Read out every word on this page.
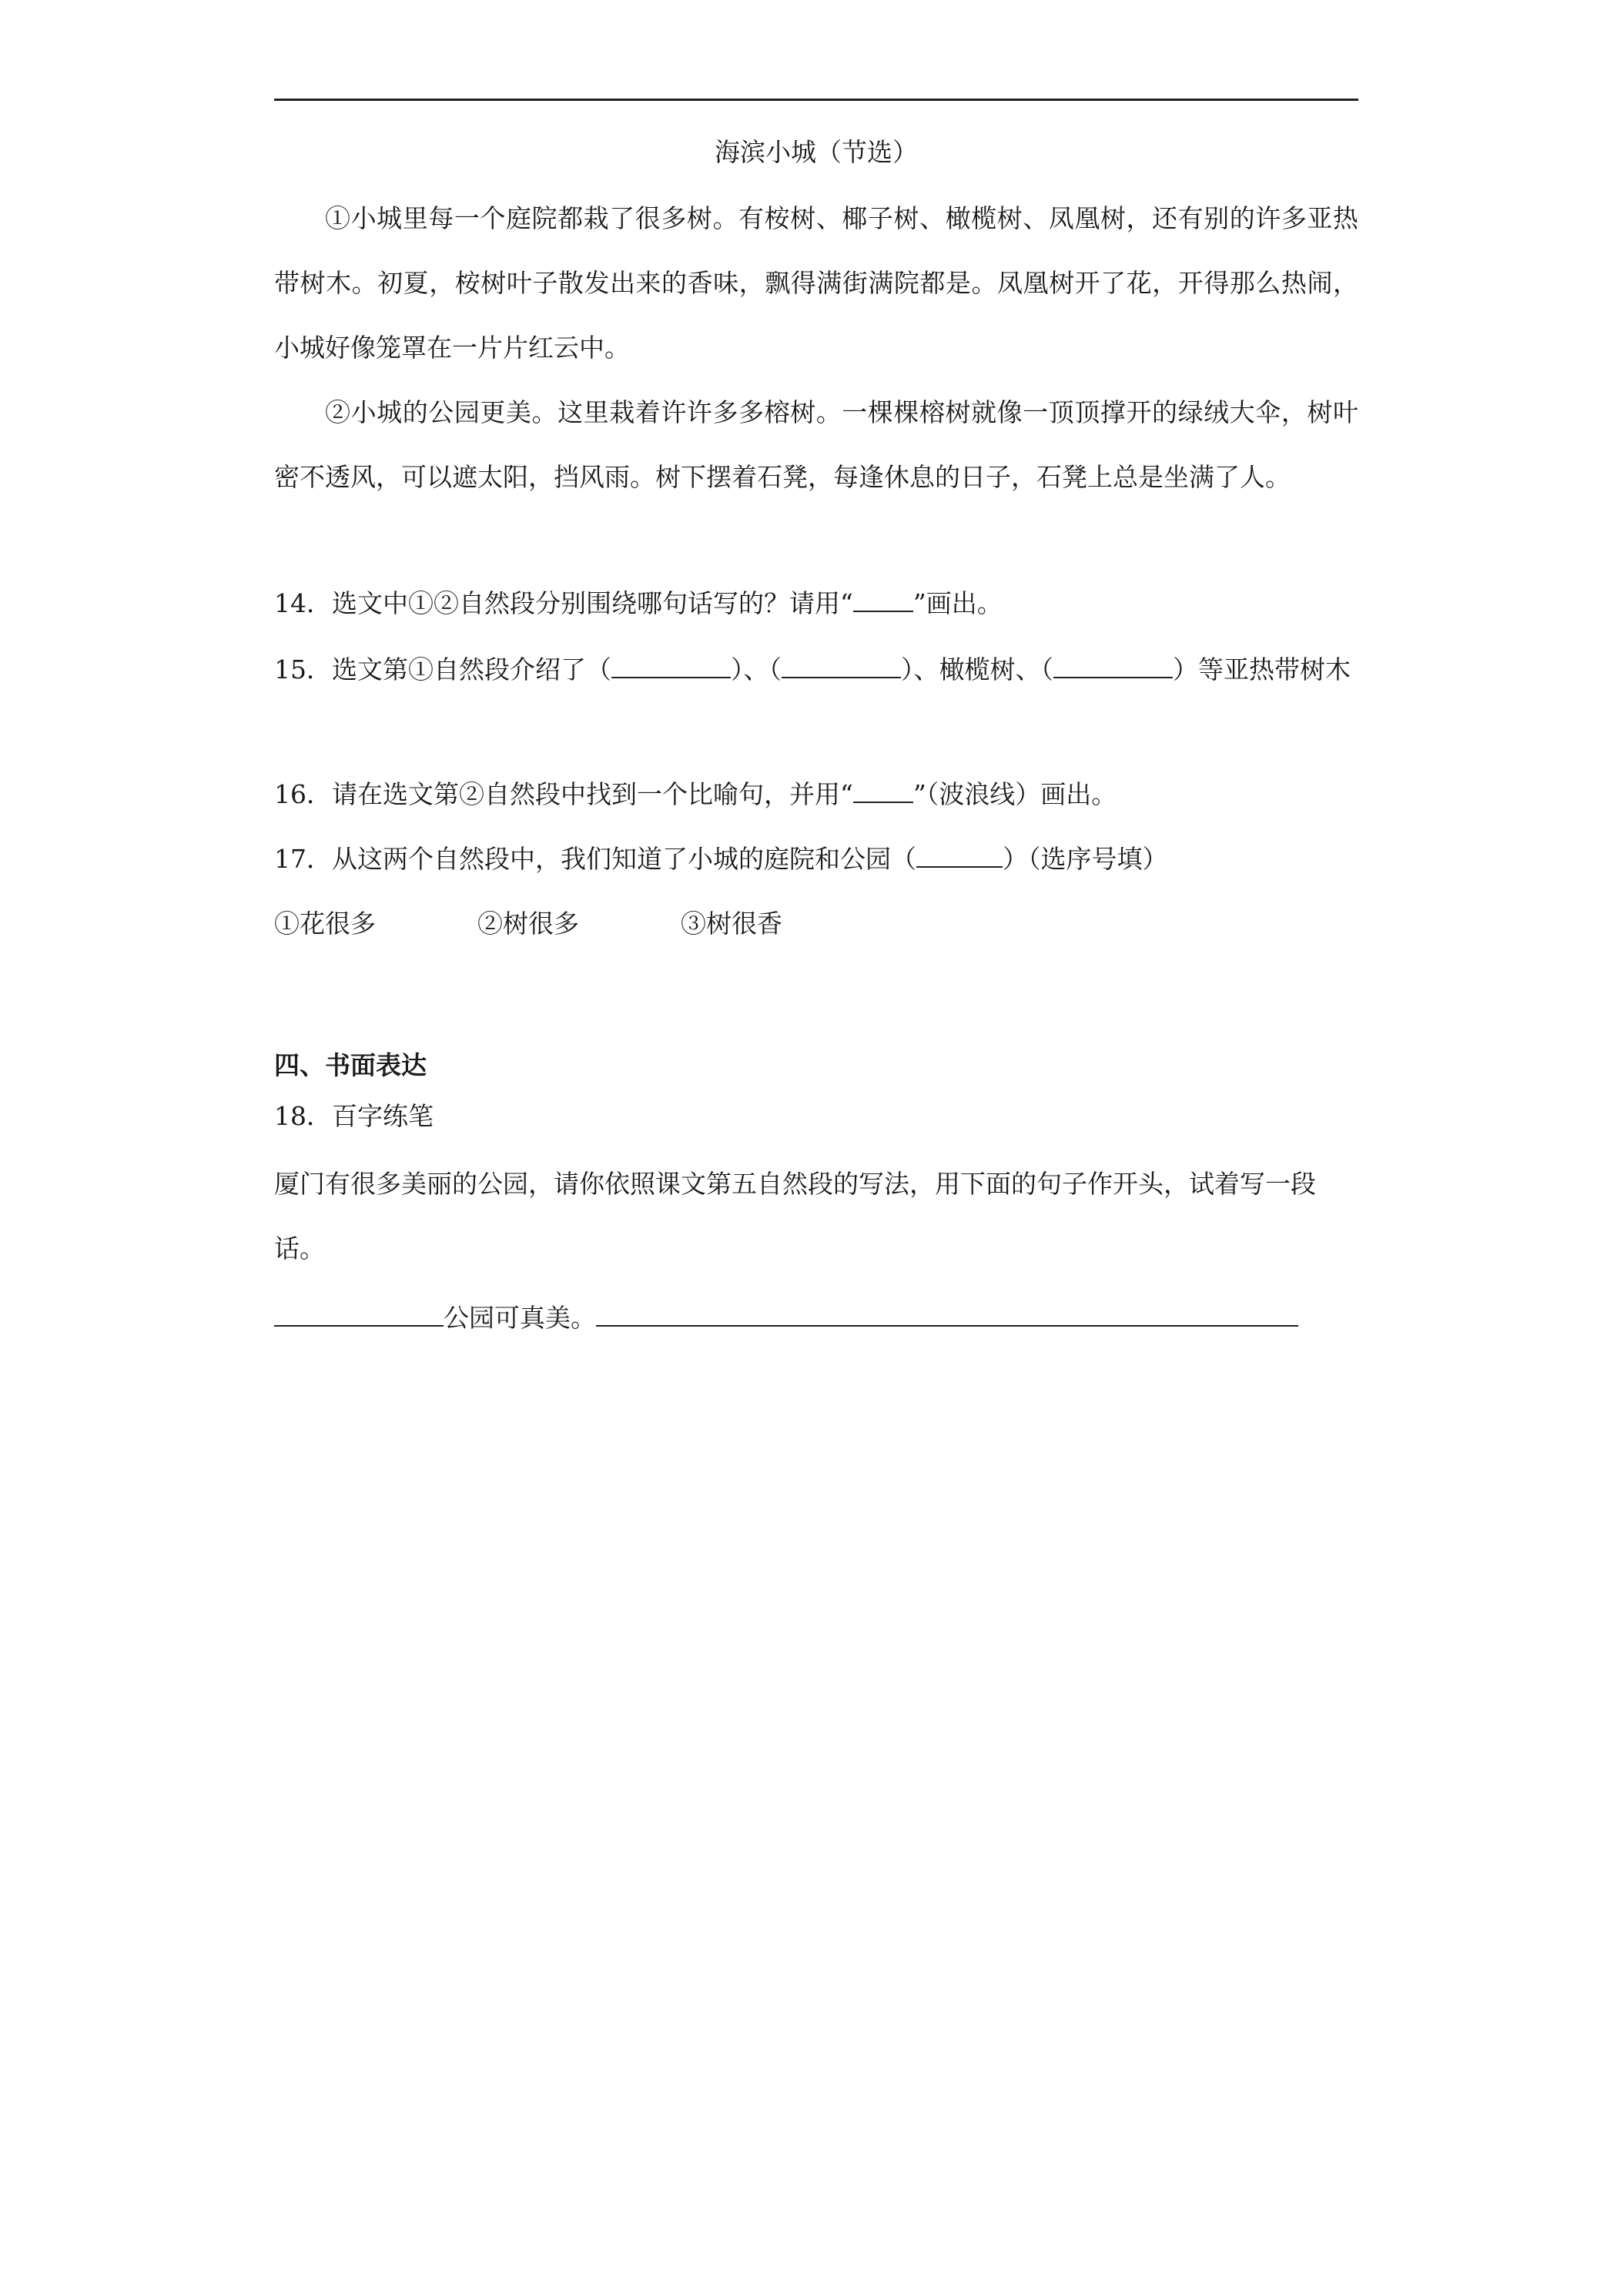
海滨小城（节选）
①小城里每一个庭院都栽了很多树。有桉树、椰子树、橄榄树、凤凰树，还有别的许多亚热带树木。初夏，桉树叶子散发出来的香味，飘得满街满院都是。凤凰树开了花，开得那么热闹，小城好像笼罩在一片片红云中。
②小城的公园更美。这里栽着许许多多榕树。一棵棵榕树就像一顶顶撑开的绿绒大伞，树叶密不透风，可以遮太阳，挡风雨。树下摆着石凳，每逢休息的日子，石凳上总是坐满了人。
14．选文中①②自然段分别围绕哪句话写的？请用“ ”画出。
15．选文第①自然段介绍了（	）、（	）、橄榄树、（	）等亚热带树木
16．请在选文第②自然段中找到一个比喻句，并用“ ”（波浪线）画出。
17．从这两个自然段中，我们知道了小城的庭院和公园（	）（选序号填）
①花很多	②树很多	③树很香
四、书面表达
18．百字练笔
厦门有很多美丽的公园，请你依照课文第五自然段的写法，用下面的句子作开头，试着写一段话。
公园可真美。
